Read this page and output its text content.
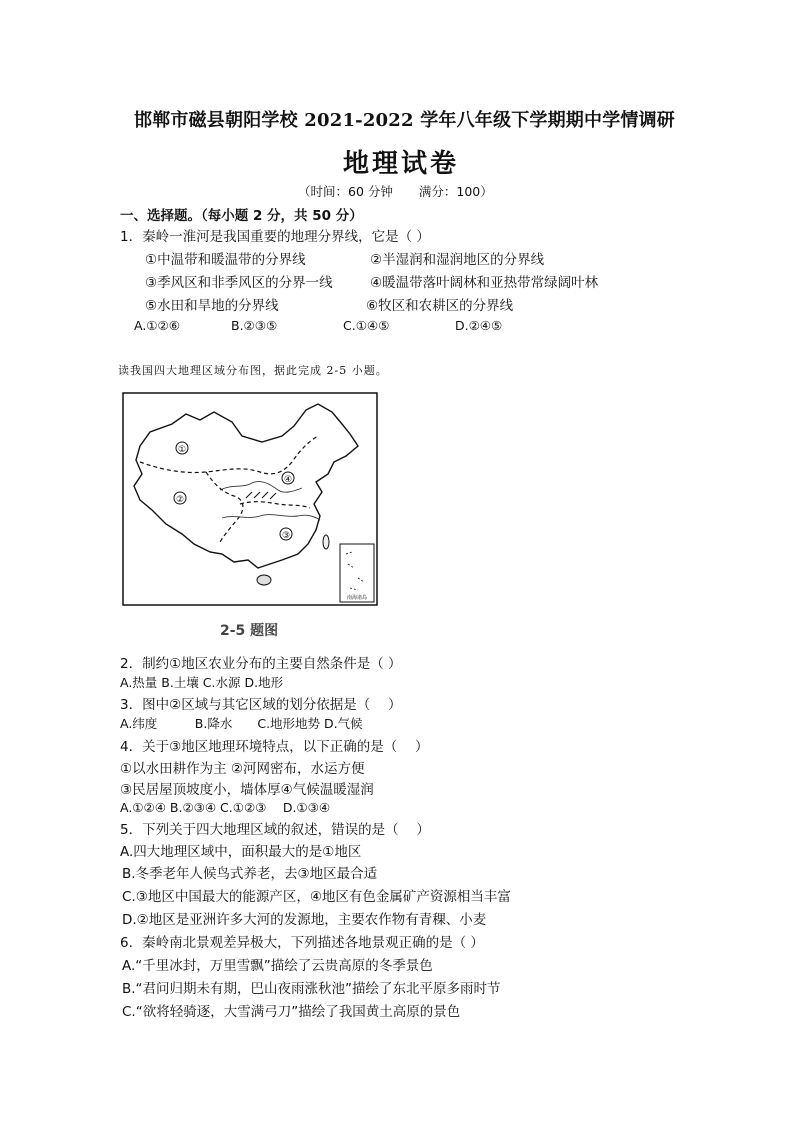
邯郸市磁县朝阳学校 2021-2022 学年八年级下学期期中学情调研
地理试卷
（时间：60 分钟 满分：100）
一、选择题。（每小题 2 分，共 50 分）
1．秦岭一淮河是我国重要的地理分界线，它是（ ）
①中温带和暖温带的分界线	②半湿润和湿润地区的分界线
③季风区和非季风区的分界一线	④暖温带落叶阔林和亚热带常绿阔叶林
⑤水田和旱地的分界线	⑥牧区和农耕区的分界线
A.①②⑥	B.②③⑤	C.①④⑤	D.②④⑤
读我国四大地理区域分布图，据此完成 2-5 小题。
①
②
③
④
南海诸岛
2-5 题图
2．制约①地区农业分布的主要自然条件是（ ）
A.热量 B.土壤 C.水源 D.地形
3．图中②区域与其它区域的划分依据是（　 ）
A.纬度　　　B.降水　　C.地形地势 D.气候
4．关于③地区地理环境特点，以下正确的是（　 ）
①以水田耕作为主 ②河网密布，水运方便
③民居屋顶坡度小，墙体厚④气候温暖湿润
A.①②④ B.②③④ C.①②③　 D.①③④
5．下列关于四大地理区域的叙述，错误的是（　 ）
A.四大地理区域中，面积最大的是①地区
B.冬季老年人候鸟式养老，去③地区最合适
C.③地区中国最大的能源产区，④地区有色金属矿产资源相当丰富
D.②地区是亚洲许多大河的发源地，主要农作物有青稞、小麦
6．秦岭南北景观差异极大，下列描述各地景观正确的是（ ）
A.“千里冰封，万里雪飘”描绘了云贵高原的冬季景色
B.“君问归期未有期，巴山夜雨涨秋池”描绘了东北平原多雨时节
C.“欲将轻骑逐，大雪满弓刀”描绘了我国黄土高原的景色
